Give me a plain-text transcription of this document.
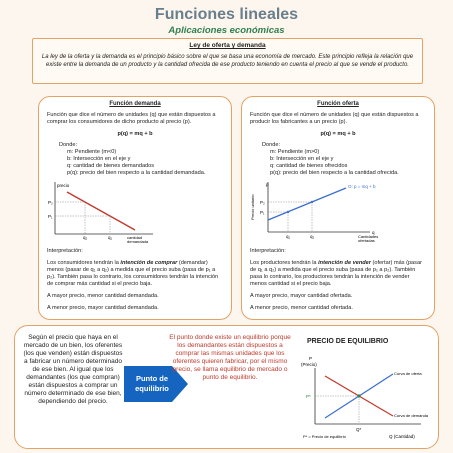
Funciones lineales
Aplicaciones económicas
Ley de oferta y demanda
La ley de la oferta y la demanda es el principio básico sobre el que se basa una economía de mercado. Este principio refleja la relación que existe entre la demanda de un producto y la cantidad ofrecida de ese producto teniendo en cuenta el precio al que se vende el producto.
Función demanda

Función que dice el número de unidades (q) que están dispuestos a comprar los consumidores de dicho producto al precio (p).

p(q) = mq + b
Donde:
m: Pendiente (m<0)
b: Intersección en el eje y
q: cantidad de bienes demandados
p(q): precio del bien respecto a la cantidad demandada.
precio
P₂
P₁
q₂	q₁	cantidad
demandada

Interpretación:

Los consumidores tendrán la intención de comprar (demandar) menos (pasar de q₁ a q₂) a medida que el precio suba (pasa de p₁ a p₂). También pasa lo contrario, los consumidores tendrán la intención de comprar más cantidad si el precio baja.

A mayor precio, menor cantidad demandada.

A menor precio, mayor cantidad demandada.

Función oferta

Función que dice el número de unidades (q) que están dispuestos a producir los fabricantes a un precio (p).

p(q) = mq + b
Donde:
m: Pendiente (m>0)
b: Intersección en el eje y
q: cantidad de bienes ofrecidos
p(q): precio del bien respecto a la cantidad ofrecida.
Precio unitario
p
q
P₂
P₁
q₁	q₂
O: p = mq + b
Cantidades
ofertadas

Interpretación:

Los productores tendrán la intención de vender (ofertar) más (pasar de q₁ a q₂) a medida que el precio suba (pasa de p₁ a p₂). También pasa lo contrario, los productores tendrán la intención de vender menos cantidad si el precio baja.

A mayor precio, mayor cantidad ofertada.

A menor precio, menor cantidad ofertada.

Según el precio que haya en el mercado de un bien, los oferentes (los que venden) están dispuestos a fabricar un número determinado de ese bien. Al igual que los demandantes (los que compran) están dispuestos a comprar un número determinado de ese bien, dependiendo del precio.
Punto de
equilibrio
El punto donde existe un equilibrio porque los demandantes están dispuestos a comprar las mismas unidades que los oferentes quieren fabricar, por el mismo precio, se llama equilibrio de mercado o punto de equilibrio.
PRECIO DE EQUILIBRIO
P
(Precio)
Curva de oferta
Curva de demanda
P*
Q*
P* = Precio de equilibrio	Q (Cantidad)
